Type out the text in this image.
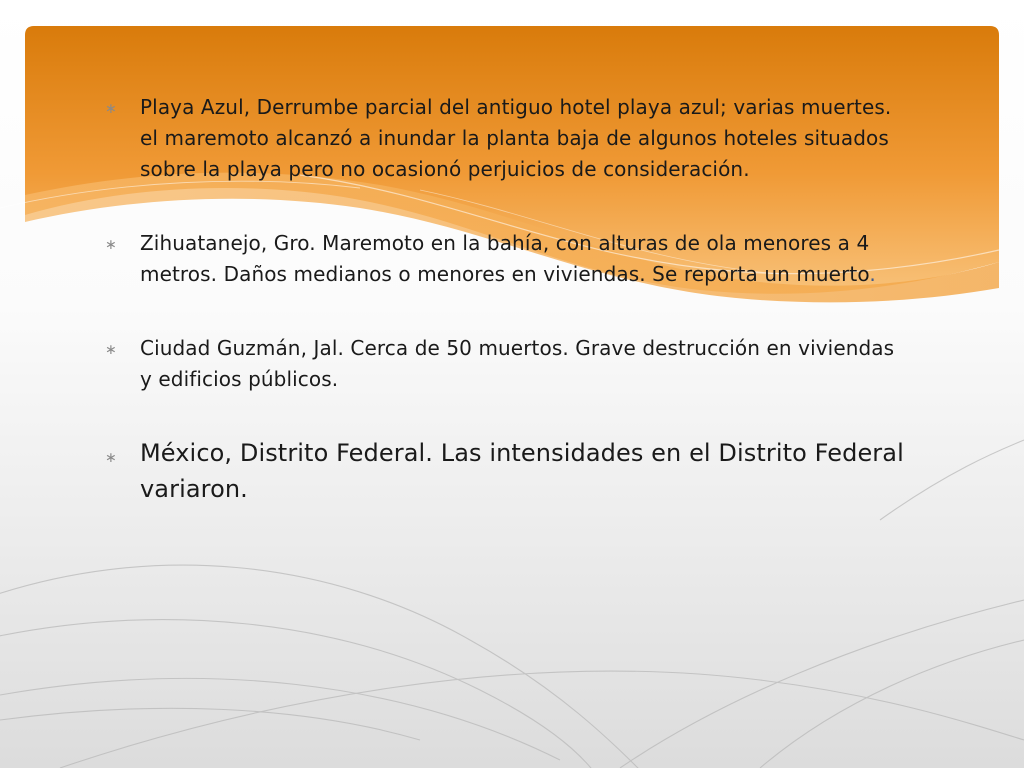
∗ Playa Azul, Derrumbe parcial del antiguo hotel playa azul; varias muertes. el maremoto alcanzó a inundar la planta baja de algunos hoteles situados sobre la playa pero no ocasionó perjuicios de consideración.
∗ Zihuatanejo, Gro. Maremoto en la bahía, con alturas de ola menores a 4 metros. Daños medianos o menores en viviendas. Se reporta un muerto.
∗ Ciudad Guzmán, Jal. Cerca de 50 muertos. Grave destrucción en viviendas y edificios públicos.
∗ México, Distrito Federal. Las intensidades en el Distrito Federal variaron.
